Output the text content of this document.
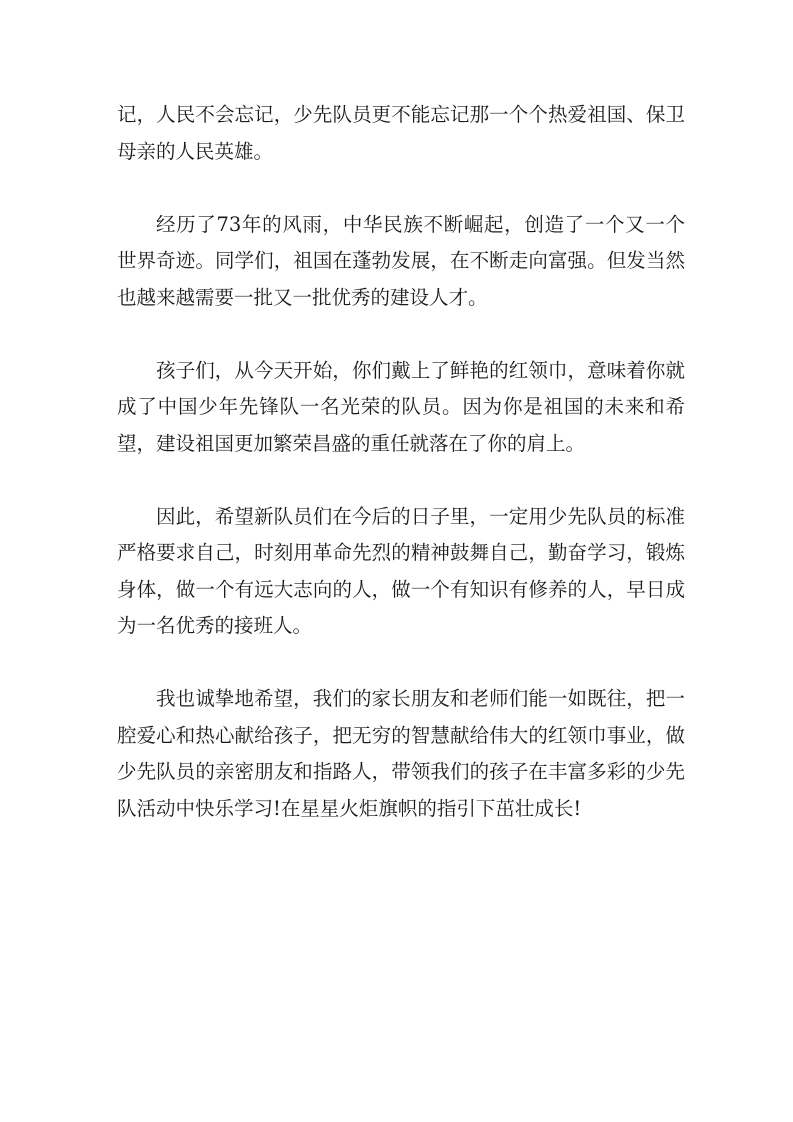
记，人民不会忘记，少先队员更不能忘记那一个个热爱祖国、保卫母亲的人民英雄。

经历了73年的风雨，中华民族不断崛起，创造了一个又一个世界奇迹。同学们，祖国在蓬勃发展，在不断走向富强。但发当然也越来越需要一批又一批优秀的建设人才。

孩子们，从今天开始，你们戴上了鲜艳的红领巾，意味着你就成了中国少年先锋队一名光荣的队员。因为你是祖国的未来和希望，建设祖国更加繁荣昌盛的重任就落在了你的肩上。

因此，希望新队员们在今后的日子里，一定用少先队员的标准严格要求自己，时刻用革命先烈的精神鼓舞自己，勤奋学习，锻炼身体，做一个有远大志向的人，做一个有知识有修养的人，早日成为一名优秀的接班人。

我也诚挚地希望，我们的家长朋友和老师们能一如既往，把一腔爱心和热心献给孩子，把无穷的智慧献给伟大的红领巾事业，做少先队员的亲密朋友和指路人，带领我们的孩子在丰富多彩的少先队活动中快乐学习!在星星火炬旗帜的指引下茁壮成长!
